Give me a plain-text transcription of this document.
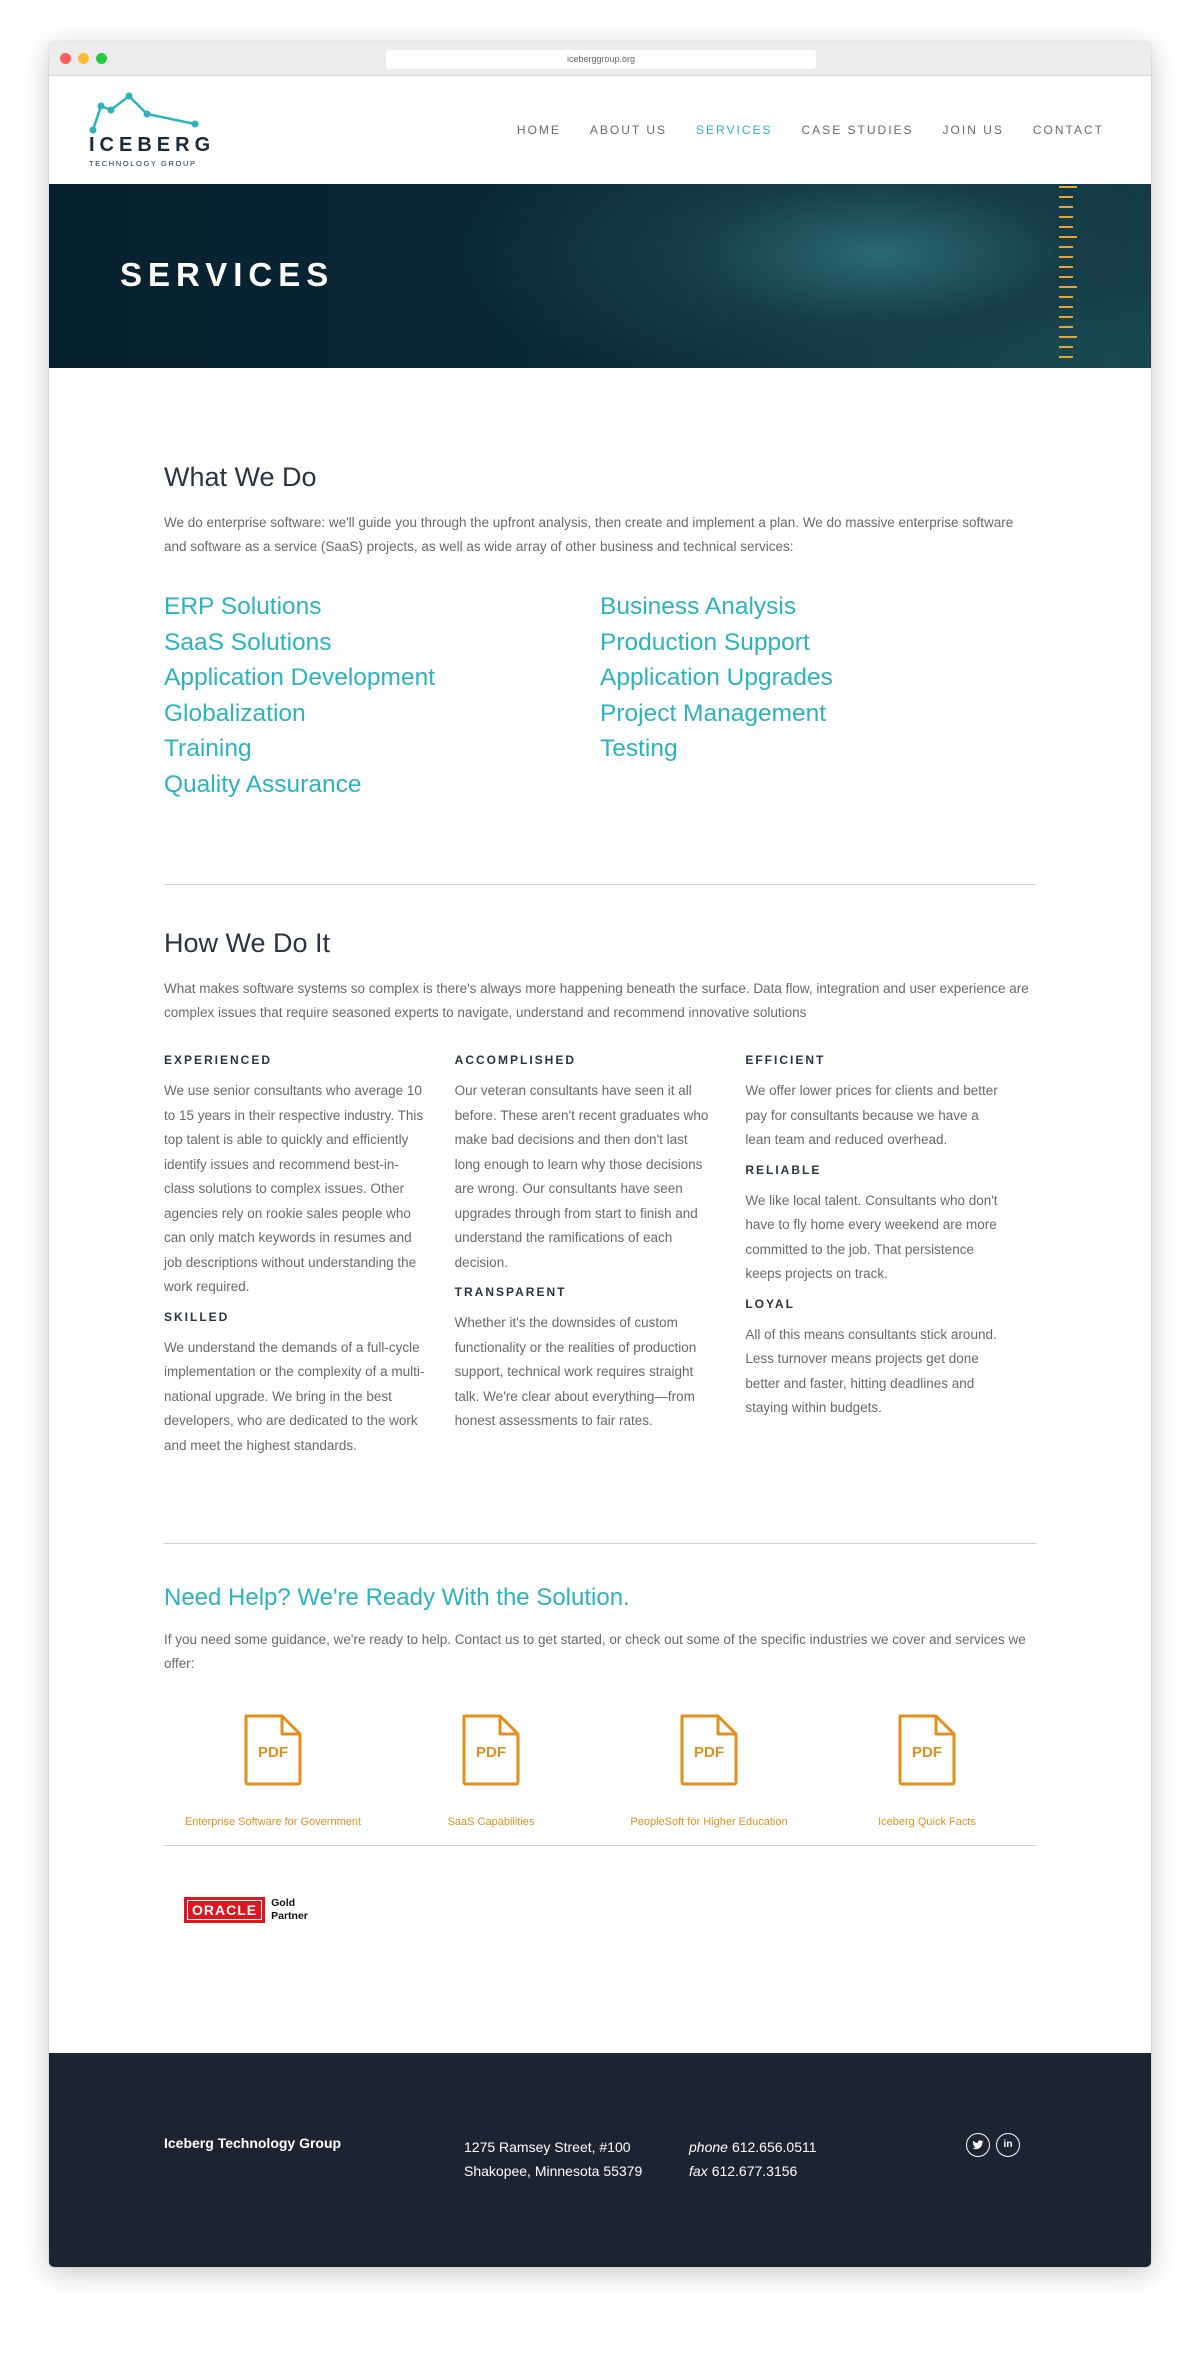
iceberggroup.org
ICEBERG
TECHNOLOGY GROUP
HOME ABOUT US SERVICES CASE STUDIES JOIN US CONTACT
SERVICES
What We Do

We do enterprise software: we'll guide you through the upfront analysis, then create and implement a plan. We do massive enterprise software and software as a service (SaaS) projects, as well as wide array of other business and technical services:

ERP Solutions
SaaS Solutions
Application Development
Globalization
Training
Quality Assurance
Business Analysis
Production Support
Application Upgrades
Project Management
Testing
How We Do It

What makes software systems so complex is there's always more happening beneath the surface. Data flow, integration and user experience are complex issues that require seasoned experts to navigate, understand and recommend innovative solutions

EXPERIENCED

We use senior consultants who average 10 to 15 years in their respective industry. This top talent is able to quickly and efficiently identify issues and recommend best-in-class solutions to complex issues. Other agencies rely on rookie sales people who can only match keywords in resumes and job descriptions without understanding the work required.

SKILLED

We understand the demands of a full-cycle implementation or the complexity of a multi-national upgrade. We bring in the best developers, who are dedicated to the work and meet the highest standards.

ACCOMPLISHED

Our veteran consultants have seen it all before. These aren't recent graduates who make bad decisions and then don't last long enough to learn why those decisions are wrong. Our consultants have seen upgrades through from start to finish and understand the ramifications of each decision.

TRANSPARENT

Whether it's the downsides of custom functionality or the realities of production support, technical work requires straight talk. We're clear about everything—from honest assessments to fair rates.

EFFICIENT

We offer lower prices for clients and better pay for consultants because we have a lean team and reduced overhead.

RELIABLE

We like local talent. Consultants who don't have to fly home every weekend are more committed to the job. That persistence keeps projects on track.

LOYAL

All of this means consultants stick around. Less turnover means projects get done better and faster, hitting deadlines and staying within budgets.

Need Help? We're Ready With the Solution.

If you need some guidance, we're ready to help. Contact us to get started, or check out some of the specific industries we cover and services we offer:

PDF
Enterprise Software for Government
PDF
SaaS Capabilities
PDF
PeopleSoft for Higher Education
PDF
Iceberg Quick Facts
ORACLE	Gold
Partner
Iceberg Technology Group	1275 Ramsey Street, #100
Shakopee, Minnesota 55379
phone 612.656.0511
fax 612.677.3156
in
